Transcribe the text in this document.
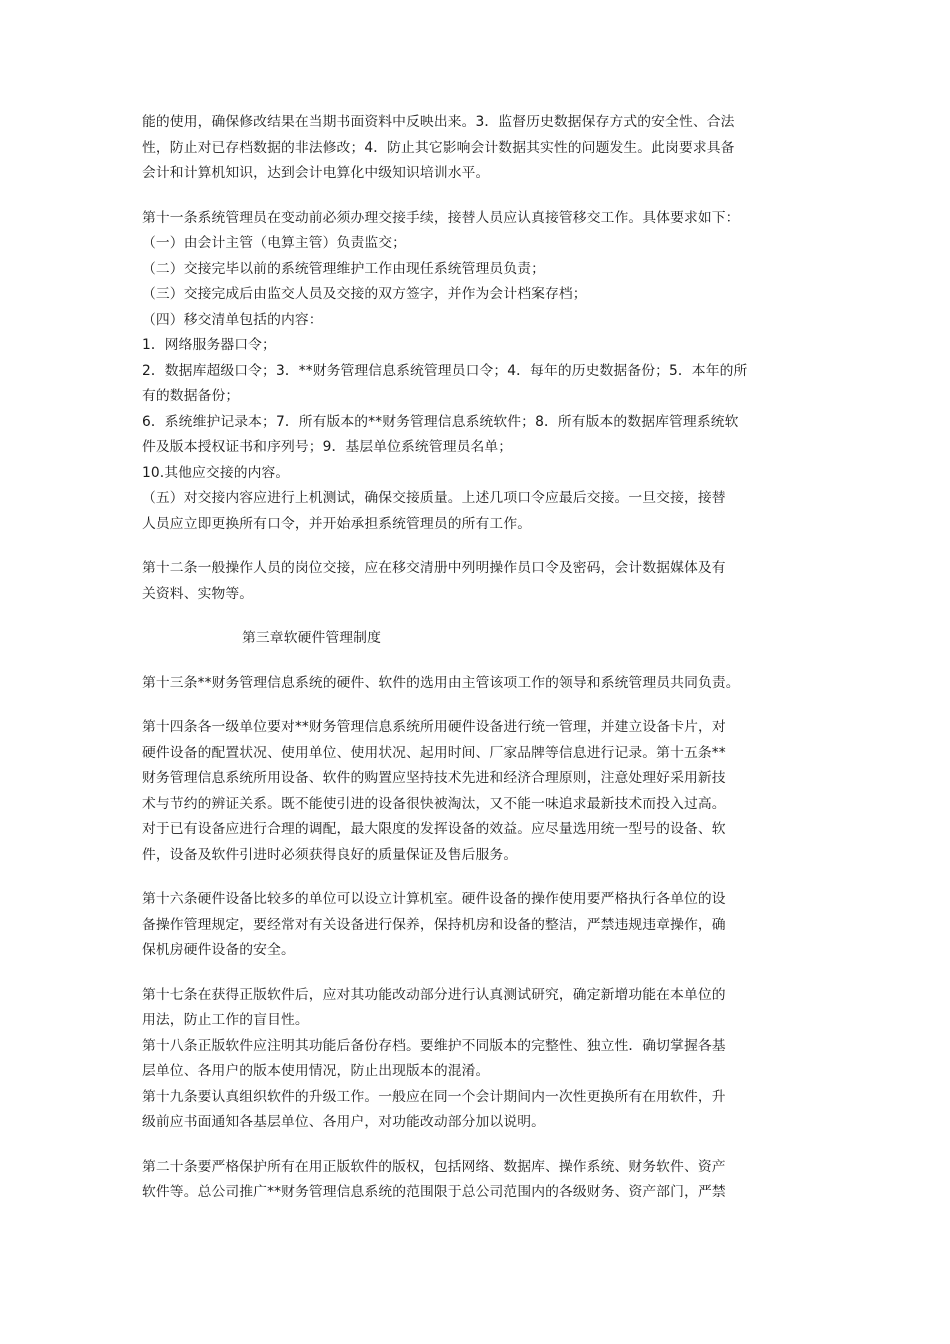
能的使用，确保修改结果在当期书面资料中反映出来。3．监督历史数据保存方式的安全性、合法
性，防止对已存档数据的非法修改；4．防止其它影响会计数据其实性的问题发生。此岗要求具备
会计和计算机知识，达到会计电算化中级知识培训水平。
第十一条系统管理员在变动前必须办理交接手续，接替人员应认真接管移交工作。具体要求如下：
（一）由会计主管（电算主管）负责监交；
（二）交接完毕以前的系统管理维护工作由现任系统管理员负责；
（三）交接完成后由监交人员及交接的双方签字，并作为会计档案存档；
（四）移交清单包括的内容：
1．网络服务器口令；
2．数据库超级口令；3．**财务管理信息系统管理员口令；4．每年的历史数据备份；5．本年的所
有的数据备份；
6．系统维护记录本；7．所有版本的**财务管理信息系统软件；8．所有版本的数据库管理系统软
件及版本授权证书和序列号；9．基层单位系统管理员名单；
10.其他应交接的内容。
（五）对交接内容应进行上机测试，确保交接质量。上述几项口令应最后交接。一旦交接，接替
人员应立即更换所有口令，并开始承担系统管理员的所有工作。
第十二条一般操作人员的岗位交接，应在移交清册中列明操作员口令及密码，会计数据媒体及有
关资料、实物等。
第三章软硬件管理制度
第十三条**财务管理信息系统的硬件、软件的选用由主管该项工作的领导和系统管理员共同负责。
第十四条各一级单位要对**财务管理信息系统所用硬件设备进行统一管理，并建立设备卡片，对
硬件设备的配置状况、使用单位、使用状况、起用时间、厂家品牌等信息进行记录。第十五条**
财务管理信息系统所用设备、软件的购置应坚持技术先进和经济合理原则，注意处理好采用新技
术与节约的辨证关系。既不能使引进的设备很快被淘汰，又不能一味追求最新技术而投入过高。
对于已有设备应进行合理的调配，最大限度的发挥设备的效益。应尽量选用统一型号的设备、软
件，设备及软件引进时必须获得良好的质量保证及售后服务。
第十六条硬件设备比较多的单位可以设立计算机室。硬件设备的操作使用要严格执行各单位的设
备操作管理规定，要经常对有关设备进行保养，保持机房和设备的整洁，严禁违规违章操作，确
保机房硬件设备的安全。
第十七条在获得正版软件后，应对其功能改动部分进行认真测试研究，确定新增功能在本单位的
用法，防止工作的盲目性。
第十八条正版软件应注明其功能后备份存档。要维护不同版本的完整性、独立性．确切掌握各基
层单位、各用户的版本使用情况，防止出现版本的混淆。
第十九条要认真组织软件的升级工作。一般应在同一个会计期间内一次性更换所有在用软件，升
级前应书面通知各基层单位、各用户，对功能改动部分加以说明。
第二十条要严格保护所有在用正版软件的版权，包括网络、数据库、操作系统、财务软件、资产
软件等。总公司推广**财务管理信息系统的范围限于总公司范围内的各级财务、资产部门，严禁
